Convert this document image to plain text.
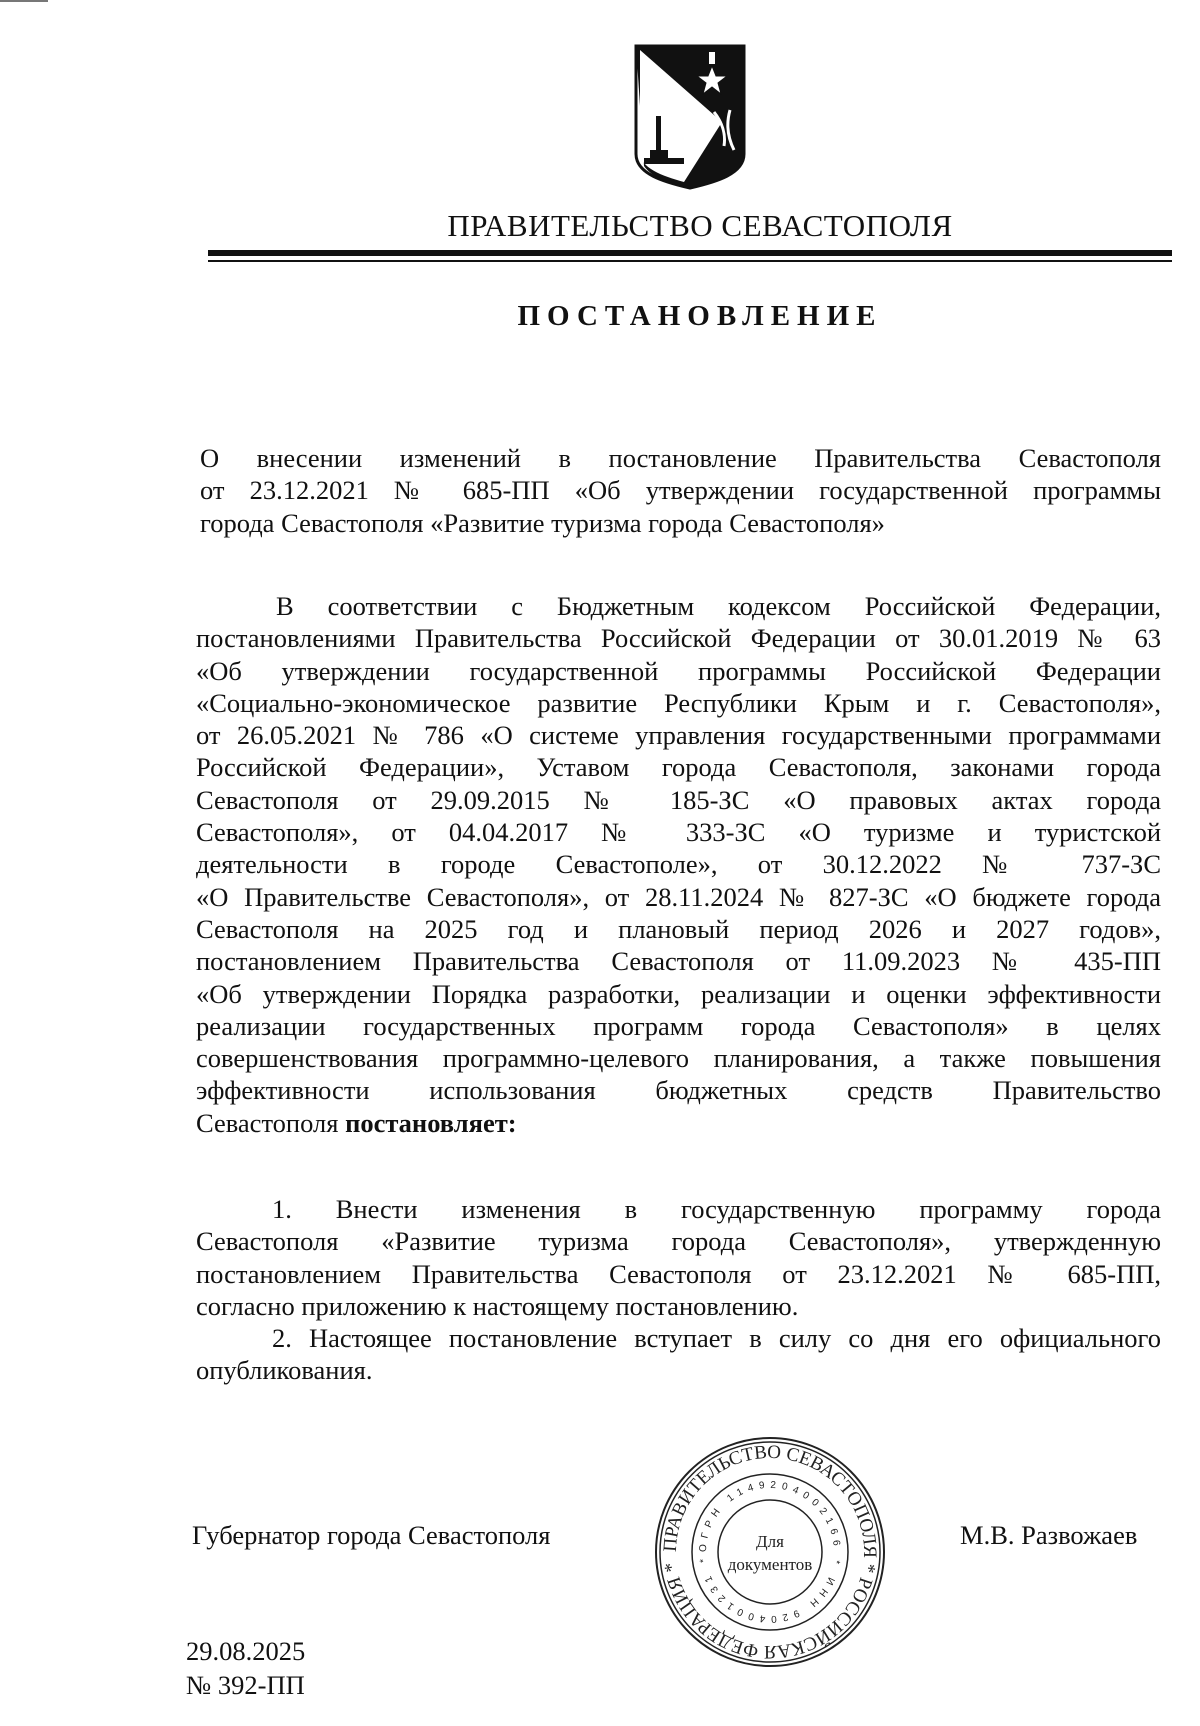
ПРАВИТЕЛЬСТВО СЕВАСТОПОЛЯ
ПОСТАНОВЛЕНИЕ
О внесении изменений в постановление Правительства Севастополя
от 23.12.2021 № 685-ПП «Об утверждении государственной программы
города Севастополя «Развитие туризма города Севастополя»
В соответствии с Бюджетным кодексом Российской Федерации,
постановлениями Правительства Российской Федерации от 30.01.2019 № 63
«Об утверждении государственной программы Российской Федерации
«Социально-экономическое развитие Республики Крым и г. Севастополя»,
от 26.05.2021 № 786 «О системе управления государственными программами
Российской Федерации», Уставом города Севастополя, законами города
Севастополя от 29.09.2015 № 185-ЗС «О правовых актах города
Севастополя», от 04.04.2017 № 333-ЗС «О туризме и туристской
деятельности в городе Севастополе», от 30.12.2022 № 737-ЗС
«О Правительстве Севастополя», от 28.11.2024 № 827-ЗС «О бюджете города
Севастополя на 2025 год и плановый период 2026 и 2027 годов»,
постановлением Правительства Севастополя от 11.09.2023 № 435-ПП
«Об утверждении Порядка разработки, реализации и оценки эффективности
реализации государственных программ города Севастополя» в целях
совершенствования программно-целевого планирования, а также повышения
эффективности использования бюджетных средств Правительство
Севастополя постановляет:
1. Внести изменения в государственную программу города
Севастополя «Развитие туризма города Севастополя», утвержденную
постановлением Правительства Севастополя от 23.12.2021 № 685-ПП,
согласно приложению к настоящему постановлению.
2. Настоящее постановление вступает в силу со дня его официального
опубликования.
Губернатор города Севастополя	М.В. Развожаев
ПРАВИТЕЛЬСТВО СЕВАСТОПОЛЯ * РОССИЙСКАЯ ФЕДЕРАЦИЯ *
ОГРН 1149204002166 * ИНН 9204001231 *
Для
документов
29.08.2025
№ 392-ПП
